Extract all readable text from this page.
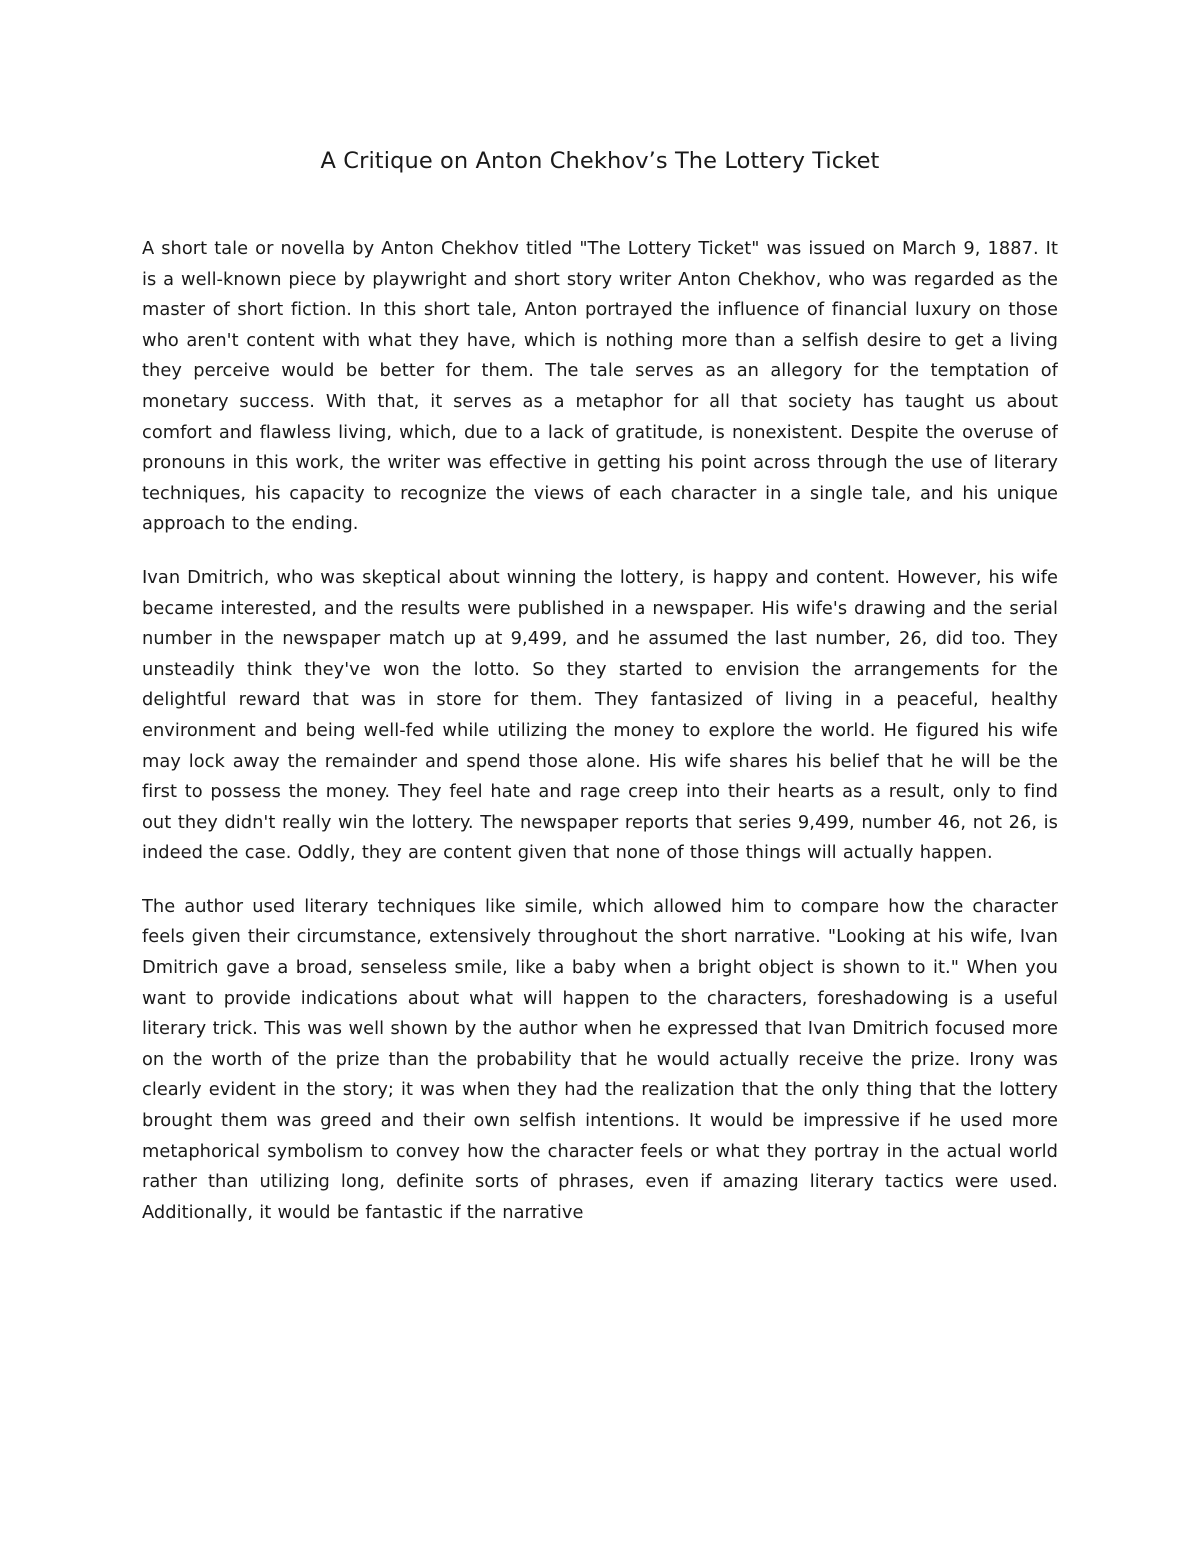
A Critique on Anton Chekhov’s The Lottery Ticket

A short tale or novella by Anton Chekhov titled "The Lottery Ticket" was issued on March 9, 1887. It is a well-known piece by playwright and short story writer Anton Chekhov, who was regarded as the master of short fiction. In this short tale, Anton portrayed the influence of financial luxury on those who aren't content with what they have, which is nothing more than a selfish desire to get a living they perceive would be better for them. The tale serves as an allegory for the temptation of monetary success. With that, it serves as a metaphor for all that society has taught us about comfort and flawless living, which, due to a lack of gratitude, is nonexistent. Despite the overuse of pronouns in this work, the writer was effective in getting his point across through the use of literary techniques, his capacity to recognize the views of each character in a single tale, and his unique approach to the ending.

Ivan Dmitrich, who was skeptical about winning the lottery, is happy and content. However, his wife became interested, and the results were published in a newspaper. His wife's drawing and the serial number in the newspaper match up at 9,499, and he assumed the last number, 26, did too. They unsteadily think they've won the lotto. So they started to envision the arrangements for the delightful reward that was in store for them. They fantasized of living in a peaceful, healthy environment and being well-fed while utilizing the money to explore the world. He figured his wife may lock away the remainder and spend those alone. His wife shares his belief that he will be the first to possess the money. They feel hate and rage creep into their hearts as a result, only to find out they didn't really win the lottery. The newspaper reports that series 9,499, number 46, not 26, is indeed the case. Oddly, they are content given that none of those things will actually happen.

The author used literary techniques like simile, which allowed him to compare how the character feels given their circumstance, extensively throughout the short narrative. "Looking at his wife, Ivan Dmitrich gave a broad, senseless smile, like a baby when a bright object is shown to it." When you want to provide indications about what will happen to the characters, foreshadowing is a useful literary trick. This was well shown by the author when he expressed that Ivan Dmitrich focused more on the worth of the prize than the probability that he would actually receive the prize. Irony was clearly evident in the story; it was when they had the realization that the only thing that the lottery brought them was greed and their own selfish intentions. It would be impressive if he used more metaphorical symbolism to convey how the character feels or what they portray in the actual world rather than utilizing long, definite sorts of phrases, even if amazing literary tactics were used. Additionally, it would be fantastic if the narrative
